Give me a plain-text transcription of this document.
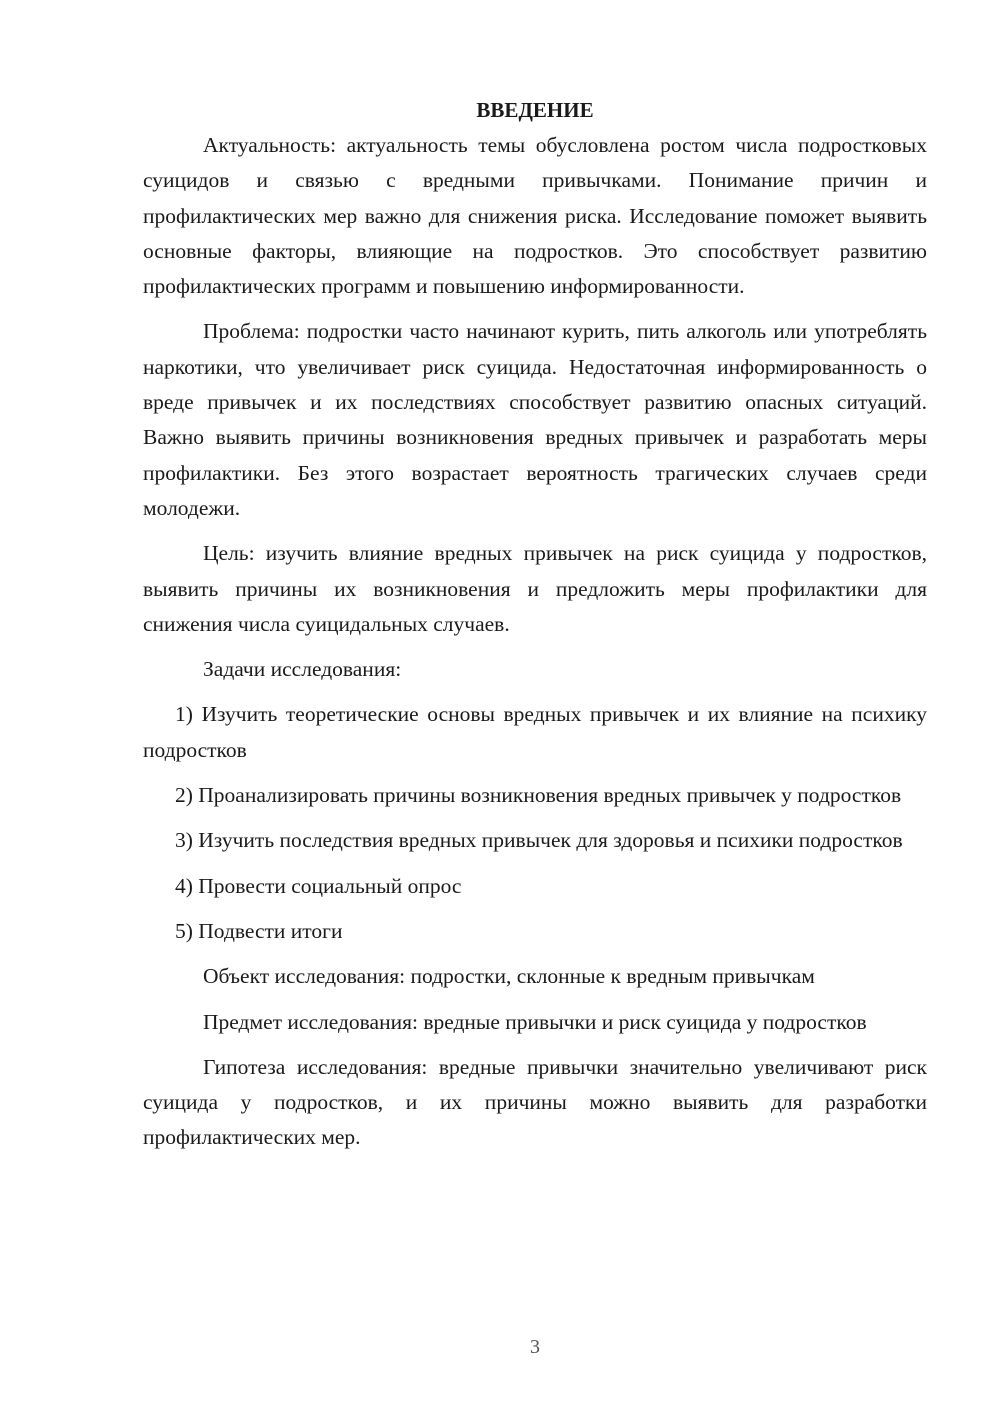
ВВЕДЕНИЕ

Актуальность: актуальность темы обусловлена ростом числа подростковых суицидов и связью с вредными привычками. Понимание причин и профилактических мер важно для снижения риска. Исследование поможет выявить основные факторы, влияющие на подростков. Это способствует развитию профилактических программ и повышению информированности.

Проблема: подростки часто начинают курить, пить алкоголь или употреблять наркотики, что увеличивает риск суицида. Недостаточная информированность о вреде привычек и их последствиях способствует развитию опасных ситуаций. Важно выявить причины возникновения вредных привычек и разработать меры профилактики. Без этого возрастает вероятность трагических случаев среди молодежи.

Цель: изучить влияние вредных привычек на риск суицида у подростков, выявить причины их возникновения и предложить меры профилактики для снижения числа суицидальных случаев.

Задачи исследования:

1) Изучить теоретические основы вредных привычек и их влияние на психику подростков

2) Проанализировать причины возникновения вредных привычек у подростков

3) Изучить последствия вредных привычек для здоровья и психики подростков

4) Провести социальный опрос

5) Подвести итоги

Объект исследования: подростки, склонные к вредным привычкам

Предмет исследования: вредные привычки и риск суицида у подростков

Гипотеза исследования: вредные привычки значительно увеличивают риск суицида у подростков, и их причины можно выявить для разработки профилактических мер.

3
